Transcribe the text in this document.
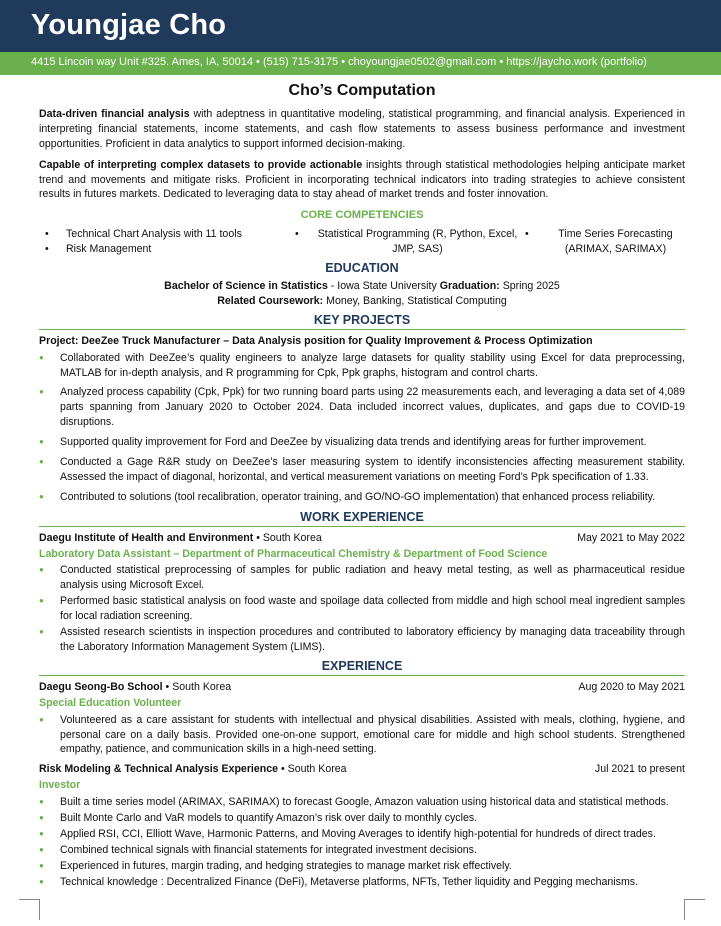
Youngjae Cho
4415 Lincoin way Unit #325. Ames, IA, 50014 • (515) 715-3175 • choyoungjae0502@gmail.com • https://jaycho.work (portfolio)
Cho’s Computation

Data-driven financial analysis with adeptness in quantitative modeling, statistical programming, and financial analysis. Experienced in interpreting financial statements, income statements, and cash flow statements to assess business performance and investment opportunities. Proficient in data analytics to support informed decision-making.

Capable of interpreting complex datasets to provide actionable insights through statistical methodologies helping anticipate market trend and movements and mitigate risks. Proficient in incorporating technical indicators into trading strategies to achieve consistent results in futures markets. Dedicated to leveraging data to stay ahead of market trends and foster innovation.

CORE COMPETENCIES
• Technical Chart Analysis with 11 tools
• Risk Management
• Statistical Programming (R, Python, Excel, JMP, SAS)
• Time Series Forecasting (ARIMAX, SARIMAX)
EDUCATION
Bachelor of Science in Statistics - Iowa State University Graduation: Spring 2025
Related Coursework: Money, Banking, Statistical Computing
KEY PROJECTS
Project: DeeZee Truck Manufacturer – Data Analysis position for Quality Improvement & Process Optimization
● Collaborated with DeeZee’s quality engineers to analyze large datasets for quality stability using Excel for data preprocessing, MATLAB for in-depth analysis, and R programming for Cpk, Ppk graphs, histogram and control charts.
● Analyzed process capability (Cpk, Ppk) for two running board parts using 22 measurements each, and leveraging a data set of 4,089 parts spanning from January 2020 to October 2024. Data included incorrect values, duplicates, and gaps due to COVID-19 disruptions.
● Supported quality improvement for Ford and DeeZee by visualizing data trends and identifying areas for further improvement.
● Conducted a Gage R&R study on DeeZee’s laser measuring system to identify inconsistencies affecting measurement stability. Assessed the impact of diagonal, horizontal, and vertical measurement variations on meeting Ford’s Ppk specification of 1.33.
● Contributed to solutions (tool recalibration, operator training, and GO/NO-GO implementation) that enhanced process reliability.
WORK EXPERIENCE
Daegu Institute of Health and Environment • South Korea	May 2021 to May 2022
Laboratory Data Assistant – Department of Pharmaceutical Chemistry & Department of Food Science
● Conducted statistical preprocessing of samples for public radiation and heavy metal testing, as well as pharmaceutical residue analysis using Microsoft Excel.
● Performed basic statistical analysis on food waste and spoilage data collected from middle and high school meal ingredient samples for local radiation screening.
● Assisted research scientists in inspection procedures and contributed to laboratory efficiency by managing data traceability through the Laboratory Information Management System (LIMS).
EXPERIENCE
Daegu Seong-Bo School • South Korea	Aug 2020 to May 2021
Special Education Volunteer
● Volunteered as a care assistant for students with intellectual and physical disabilities. Assisted with meals, clothing, hygiene, and personal care on a daily basis. Provided one-on-one support, emotional care for middle and high school students. Strengthened empathy, patience, and communication skills in a high-need setting.
Risk Modeling & Technical Analysis Experience • South Korea	Jul 2021 to present
Investor
● Built a time series model (ARIMAX, SARIMAX) to forecast Google, Amazon valuation using historical data and statistical methods.
● Built Monte Carlo and VaR models to quantify Amazon’s risk over daily to monthly cycles.
● Applied RSI, CCI, Elliott Wave, Harmonic Patterns, and Moving Averages to identify high-potential for hundreds of direct trades.
● Combined technical signals with financial statements for integrated investment decisions.
● Experienced in futures, margin trading, and hedging strategies to manage market risk effectively.
● Technical knowledge : Decentralized Finance (DeFi), Metaverse platforms, NFTs, Tether liquidity and Pegging mechanisms.
